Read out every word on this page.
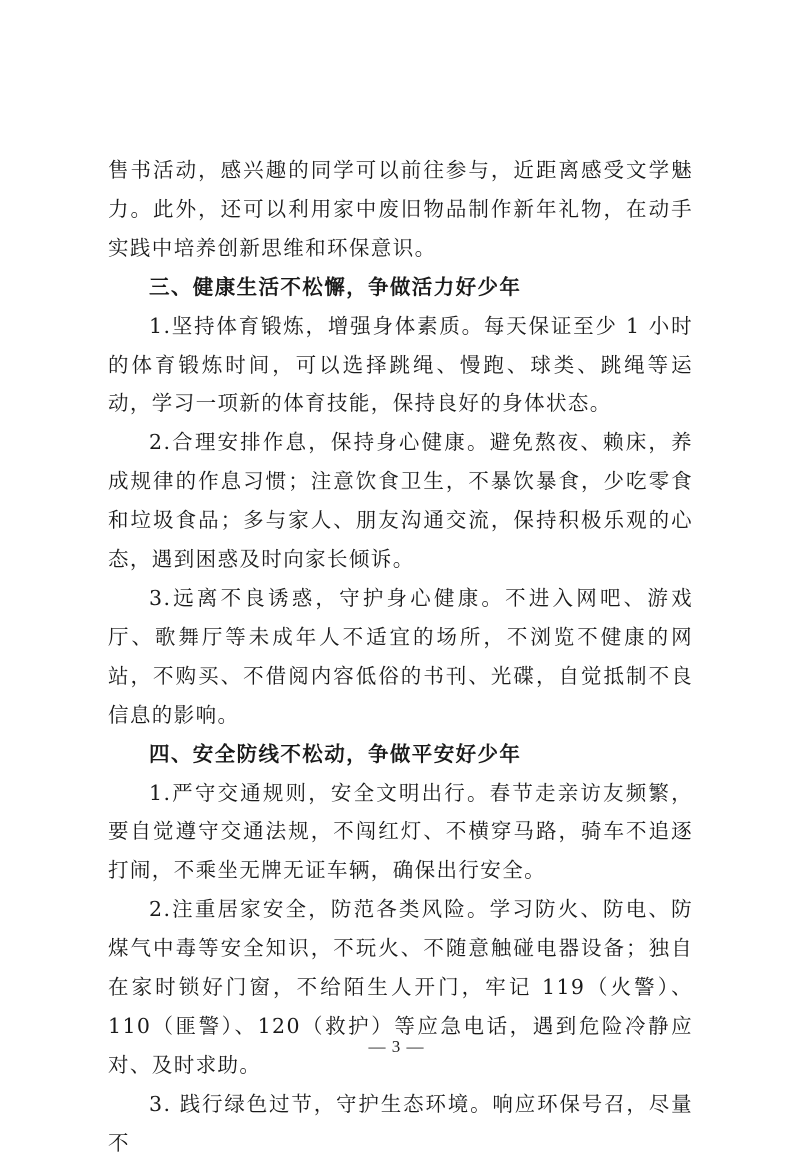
售书活动，感兴趣的同学可以前往参与，近距离感受文学魅力。此外，还可以利用家中废旧物品制作新年礼物，在动手实践中培养创新思维和环保意识。

三、健康生活不松懈，争做活力好少年

1.坚持体育锻炼，增强身体素质。每天保证至少 1 小时的体育锻炼时间，可以选择跳绳、慢跑、球类、跳绳等运动，学习一项新的体育技能，保持良好的身体状态。

2.合理安排作息，保持身心健康。避免熬夜、赖床，养成规律的作息习惯；注意饮食卫生，不暴饮暴食，少吃零食和垃圾食品；多与家人、朋友沟通交流，保持积极乐观的心态，遇到困惑及时向家长倾诉。

3.远离不良诱惑，守护身心健康。不进入网吧、游戏厅、歌舞厅等未成年人不适宜的场所，不浏览不健康的网站，不购买、不借阅内容低俗的书刊、光碟，自觉抵制不良信息的影响。

四、安全防线不松动，争做平安好少年

1.严守交通规则，安全文明出行。春节走亲访友频繁，要自觉遵守交通法规，不闯红灯、不横穿马路，骑车不追逐打闹，不乘坐无牌无证车辆，确保出行安全。

2.注重居家安全，防范各类风险。学习防火、防电、防煤气中毒等安全知识，不玩火、不随意触碰电器设备；独自在家时锁好门窗，不给陌生人开门，牢记 119（火警）、110（匪警）、120（救护）等应急电话，遇到危险冷静应对、及时求助。

3. 践行绿色过节，守护生态环境。响应环保号召，尽量不

— 3 —
